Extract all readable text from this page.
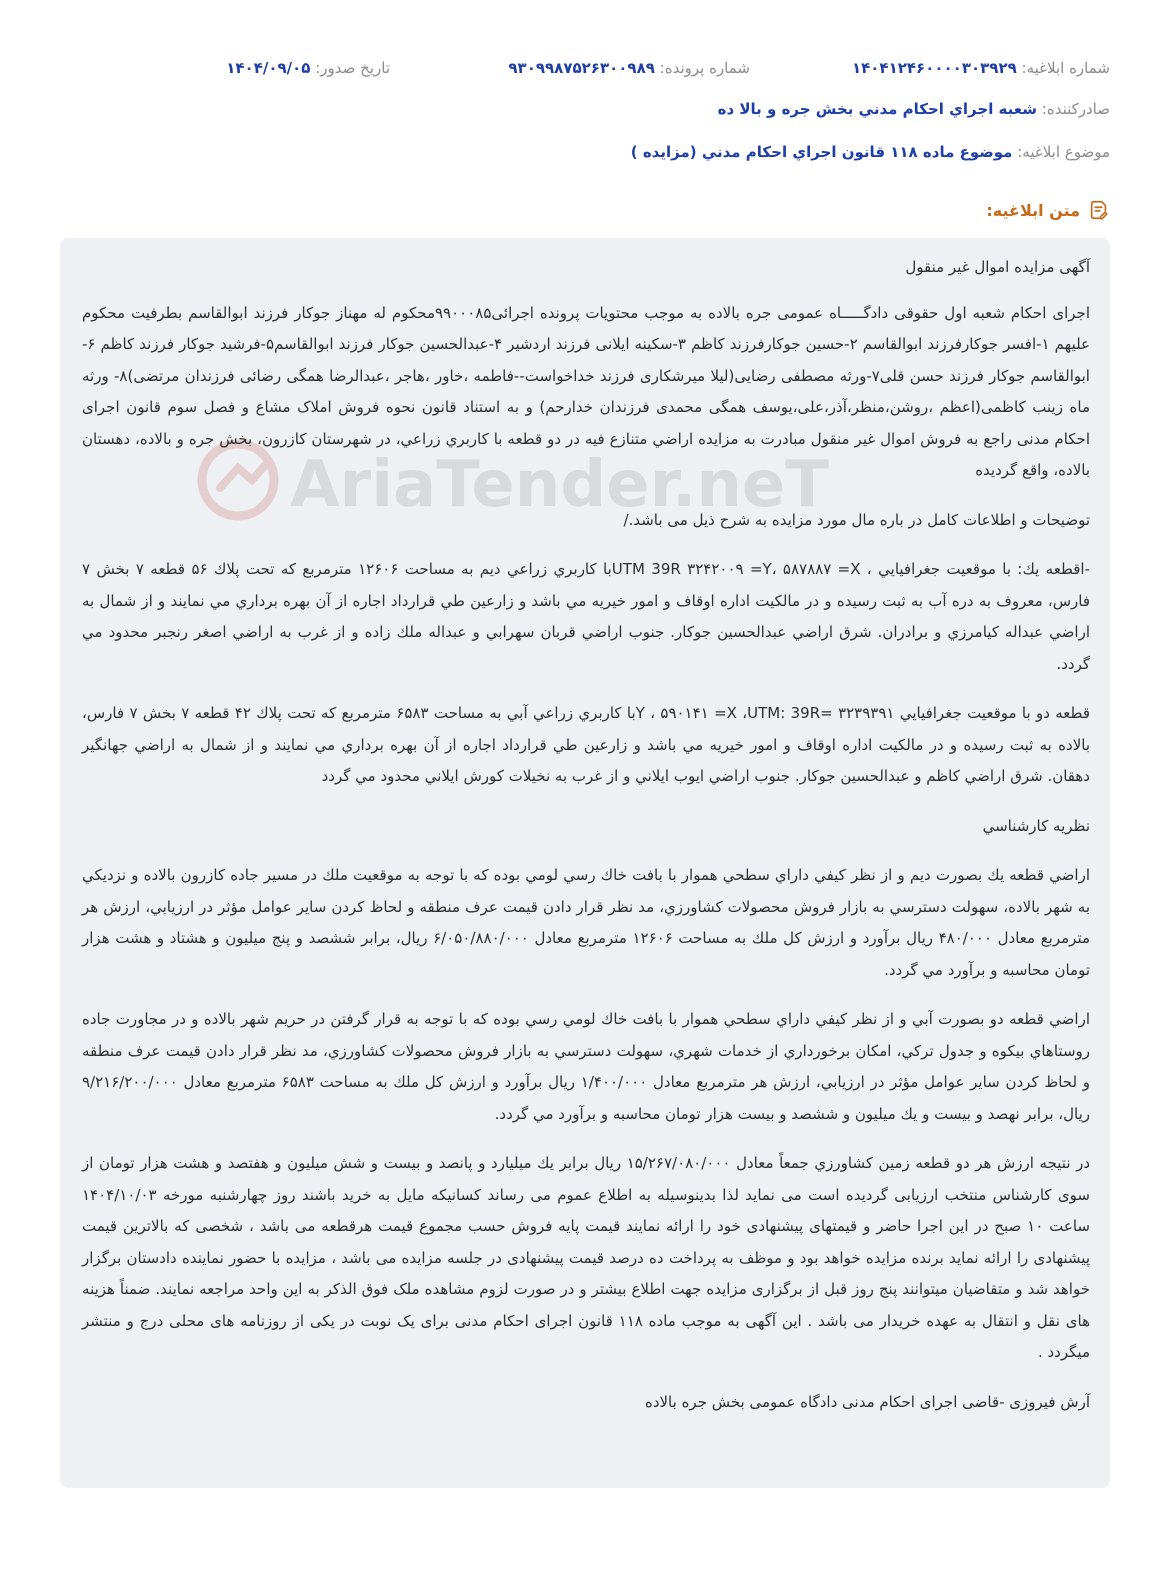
شماره ابلاغيه: ۱۴۰۴۱۲۴۶۰۰۰۰۳۰۳۹۲۹
شماره پرونده: ۹۳۰۹۹۸۷۵۲۶۳۰۰۹۸۹
تاريخ صدور: ۱۴۰۴/۰۹/۰۵
صادرکننده: شعبه اجراي احكام مدني بخش جره و بالا ده
موضوع ابلاغيه: موضوع ماده ۱۱۸ قانون اجراي احكام مدني (مزايده )
متن ابلاغيه:
AriaTender.neT

آگهی مزایده اموال غیر منقول

اجرای احکام شعبه اول حقوقی دادگـــــاه عمومی جره بالاده به موجب محتویات پرونده اجرائی۹۹۰۰۰۸۵محکوم له مهناز جوکار فرزند ابوالقاسم بطرفیت محکوم علیهم ۱-افسر جوکارفرزند ابوالقاسم ۲-حسین جوکارفرزند کاظم ۳-سکینه ایلانی فرزند اردشیر ۴-عبدالحسین جوکار فرزند ابوالقاسم۵-فرشید جوکار فرزند کاظم ۶-ابوالقاسم جوکار فرزند حسن قلی۷-ورثه مصطفی رضایی(لیلا میرشکاری فرزند خداخواست--فاطمه ،خاور ،هاجر ،عبدالرضا همگی رضائی فرزندان مرتضی)۸- ورثه ماه زینب کاظمی(اعظم ،روشن،منظر،آذر،علی،یوسف همگی محمدی فرزندان خدارحم) و به استناد قانون نحوه فروش املاک مشاع و فصل سوم قانون اجرای احکام مدنی راجع به فروش اموال غیر منقول مبادرت به مزایده اراضي متنازع فيه در دو قطعه با كاربري زراعي، در شهرستان كازرون، بخش جره و بالاده، دهستان بالاده، واقع گرديده

توضيحات و اطلاعات كامل در باره مال مورد مزايده به شرح ذيل می باشد./

-اقطعه يك: با موقعيت جغرافيايي ، UTM 39R ۳۲۴۲۰۰۹ =Y، ۵۸۷۸۸۷ =Xبا كاربري زراعي ديم به مساحت ۱۲۶۰۶ مترمربع كه تحت پلاك ۵۶ قطعه ۷ بخش ۷ فارس، معروف به دره آب به ثبت رسيده و در مالكيت اداره اوقاف و امور خيريه مي باشد و زارعين طي قرارداد اجاره از آن بهره برداري مي نمايند و از شمال به اراضي عبداله كيامرزي و برادران. شرق اراضي عبدالحسين جوكار. جنوب اراضي قربان سهرابي و عبداله ملك زاده و از غرب به اراضي اصغر رنجبر محدود مي گردد.

قطعه دو با موقعيت جغرافيايي ۳۲۳۹۳۹۱ =Y ، ۵۹۰۱۴۱ =X ،UTM: 39Rبا كاربري زراعي آبي به مساحت ۶۵۸۳ مترمربع كه تحت پلاك ۴۲ قطعه ۷ بخش ۷ فارس، بالاده به ثبت رسيده و در مالكيت اداره اوقاف و امور خيريه مي باشد و زارعين طي قرارداد اجاره از آن بهره برداري مي نمايند و از شمال به اراضي جهانگير دهقان. شرق اراضي كاظم و عبدالحسين جوكار. جنوب اراضي ايوب ايلاني و از غرب به نخيلات كورش ايلاني محدود مي گردد

نظريه كارشناسي

اراضي قطعه يك بصورت ديم و از نظر كيفي داراي سطحي هموار با بافت خاك رسي لومي بوده كه با توجه به موقعيت ملك در مسير جاده كازرون بالاده و نزديكي به شهر بالاده، سهولت دسترسي به بازار فروش محصولات كشاورزي، مد نظر قرار دادن قيمت عرف منطقه و لحاظ كردن ساير عوامل مؤثر در ارزيابي، ارزش هر مترمربع معادل ۴۸۰/۰۰۰ ريال برآورد و ارزش كل ملك به مساحت ۱۲۶۰۶ مترمربع معادل ۶/۰۵۰/۸۸۰/۰۰۰ ريال، برابر ششصد و پنج ميليون و هشتاد و هشت هزار تومان محاسبه و برآورد مي گردد.

اراضي قطعه دو بصورت آبي و از نظر كيفي داراي سطحي هموار با بافت خاك لومي رسي بوده كه با توجه به قرار گرفتن در حريم شهر بالاده و در مجاورت جاده روستاهاي بيكوه و جدول تركي، امكان برخورداري از خدمات شهري، سهولت دسترسي به بازار فروش محصولات كشاورزي، مد نظر قرار دادن قيمت عرف منطقه و لحاظ كردن ساير عوامل مؤثر در ارزيابي، ارزش هر مترمربع معادل ۱/۴۰۰/۰۰۰ ريال برآورد و ارزش كل ملك به مساحت ۶۵۸۳ مترمربع معادل ۹/۲۱۶/۲۰۰/۰۰۰ ريال، برابر نهصد و بيست و يك ميليون و ششصد و بيست هزار تومان محاسبه و برآورد مي گردد.

در نتيجه ارزش هر دو قطعه زمين كشاورزي جمعاً معادل ۱۵/۲۶۷/۰۸۰/۰۰۰ ريال برابر يك ميليارد و پانصد و بيست و شش ميليون و هفتصد و هشت هزار تومان از سوی کارشناس منتخب ارزیابی گردیده است می نماید لذا بدینوسیله به اطلاع عموم می رساند کسانیکه مایل به خرید باشند روز چهارشنبه مورخه ۱۴۰۴/۱۰/۰۳ ساعت ۱۰ صبح در این اجرا حاضر و قیمتهای پیشنهادی خود را ارائه نمایند قیمت پایه فروش حسب مجموع قیمت هرقطعه می باشد ، شخصی که بالاترین قیمت پیشنهادی را ارائه نماید برنده مزایده خواهد بود و موظف به پرداخت ده درصد قیمت پیشنهادی در جلسه مزایده می باشد ، مزایده با حضور نماینده دادستان برگزار خواهد شد و متقاضیان میتوانند پنج روز قبل از برگزاری مزایده جهت اطلاع بیشتر و در صورت لزوم مشاهده ملک فوق الذکر به این واحد مراجعه نمایند. ضمناً هزینه های نقل و انتقال به عهده خریدار می باشد . این آگهی به موجب ماده ۱۱۸ قانون اجرای احکام مدنی برای یک نوبت در یکی از روزنامه های محلی درج و منتشر میگردد .

آرش فیروزی -قاضی اجرای احکام مدنی دادگاه عمومی بخش جره بالاده
